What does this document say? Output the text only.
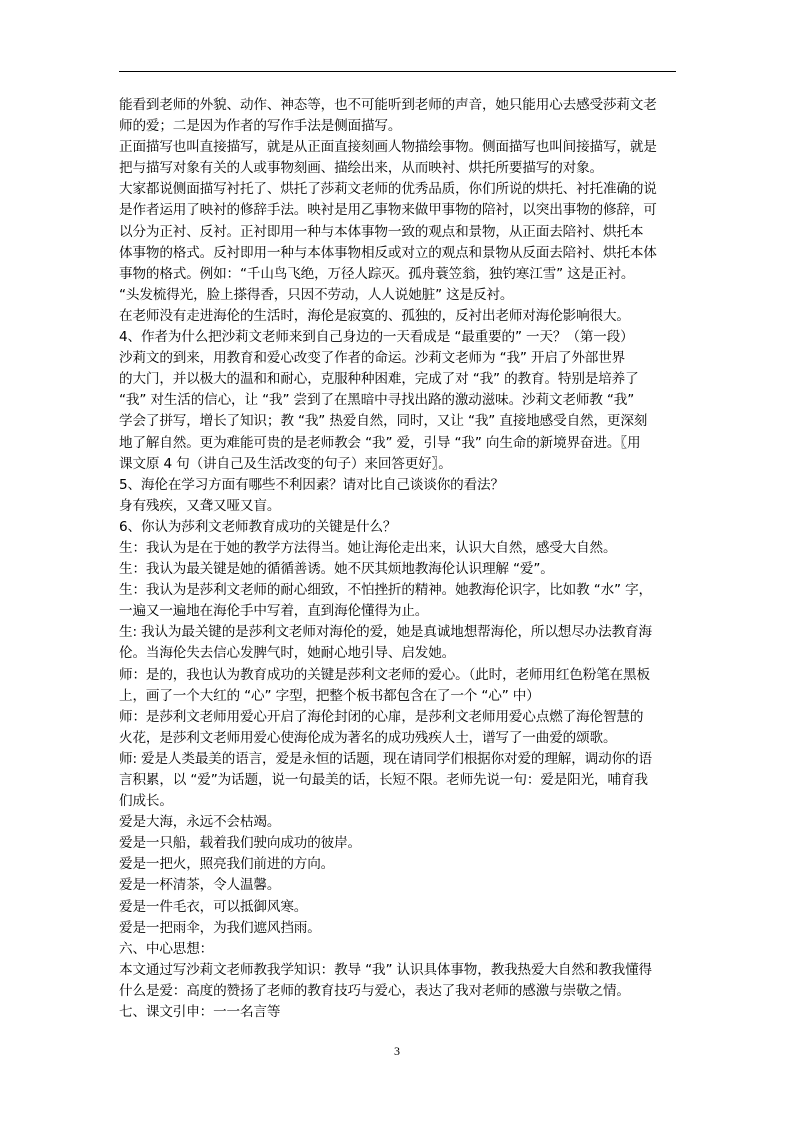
能看到老师的外貌、动作、神态等，也不可能听到老师的声音，她只能用心去感受莎莉文老

师的爱；二是因为作者的写作手法是侧面描写。

正面描写也叫直接描写，就是从正面直接刻画人物描绘事物。侧面描写也叫间接描写，就是

把与描写对象有关的人或事物刻画、描绘出来，从而映衬、烘托所要描写的对象。

大家都说侧面描写衬托了、烘托了莎莉文老师的优秀品质，你们所说的烘托、衬托准确的说

是作者运用了映衬的修辞手法。映衬是用乙事物来做甲事物的陪衬，以突出事物的修辞，可

以分为正衬、反衬。正衬即用一种与本体事物一致的观点和景物，从正面去陪衬、烘托本

体事物的格式。反衬即用一种与本体事物相反或对立的观点和景物从反面去陪衬、烘托本体

事物的格式。例如：“千山鸟飞绝，万径人踪灭。孤舟蓑笠翁，独钓寒江雪” 这是正衬。

“头发梳得光，脸上搽得香，只因不劳动，人人说她脏” 这是反衬。

在老师没有走进海伦的生活时，海伦是寂寞的、孤独的，反衬出老师对海伦影响很大。

4、作者为什么把沙莉文老师来到自己身边的一天看成是 “最重要的” 一天？（第一段）

沙莉文的到来，用教育和爱心改变了作者的命运。沙莉文老师为 “我” 开启了外部世界

的大门，并以极大的温和和耐心，克服种种困难，完成了对 “我” 的教育。特别是培养了

“我” 对生活的信心，让 “我” 尝到了在黑暗中寻找出路的激动滋味。沙莉文老师教 “我”

学会了拼写，增长了知识；教 “我” 热爱自然，同时，又让 “我” 直接地感受自然，更深刻

地了解自然。更为难能可贵的是老师教会 “我” 爱，引导 “我” 向生命的新境界奋进。〖用

课文原 4 句（讲自己及生活改变的句子）来回答更好〗。

5、海伦在学习方面有哪些不利因素？请对比自己谈谈你的看法？

身有残疾，又聋又哑又盲。

6、你认为莎利文老师教育成功的关键是什么？

生：我认为是在于她的教学方法得当。她让海伦走出来，认识大自然，感受大自然。

生：我认为最关键是她的循循善诱。她不厌其烦地教海伦认识理解 “爱”。

生：我认为是莎利文老师的耐心细致，不怕挫折的精神。她教海伦识字，比如教 “水” 字，

一遍又一遍地在海伦手中写着，直到海伦懂得为止。

生: 我认为最关键的是莎利文老师对海伦的爱，她是真诚地想帮海伦，所以想尽办法教育海

伦。当海伦失去信心发脾气时，她耐心地引导、启发她。

师：是的，我也认为教育成功的关键是莎利文老师的爱心。（此时，老师用红色粉笔在黑板

上，画了一个大红的 “心” 字型，把整个板书都包含在了一个 “心” 中）

师：是莎利文老师用爱心开启了海伦封闭的心扉，是莎利文老师用爱心点燃了海伦智慧的

火花，是莎利文老师用爱心使海伦成为著名的成功残疾人士，谱写了一曲爱的颂歌。

师: 爱是人类最美的语言，爱是永恒的话题，现在请同学们根据你对爱的理解，调动你的语

言积累，以 “爱”为话题，说一句最美的话，长短不限。老师先说一句：爱是阳光，哺育我

们成长。

爱是大海，永远不会枯竭。

爱是一只船，载着我们驶向成功的彼岸。

爱是一把火，照亮我们前进的方向。

爱是一杯清茶，令人温馨。

爱是一件毛衣，可以抵御风寒。

爱是一把雨伞，为我们遮风挡雨。

六、中心思想：

本文通过写沙莉文老师教我学知识：教导 “我” 认识具体事物，教我热爱大自然和教我懂得

什么是爱：高度的赞扬了老师的教育技巧与爱心，表达了我对老师的感激与崇敬之情。

七、课文引申：一一名言等

3
